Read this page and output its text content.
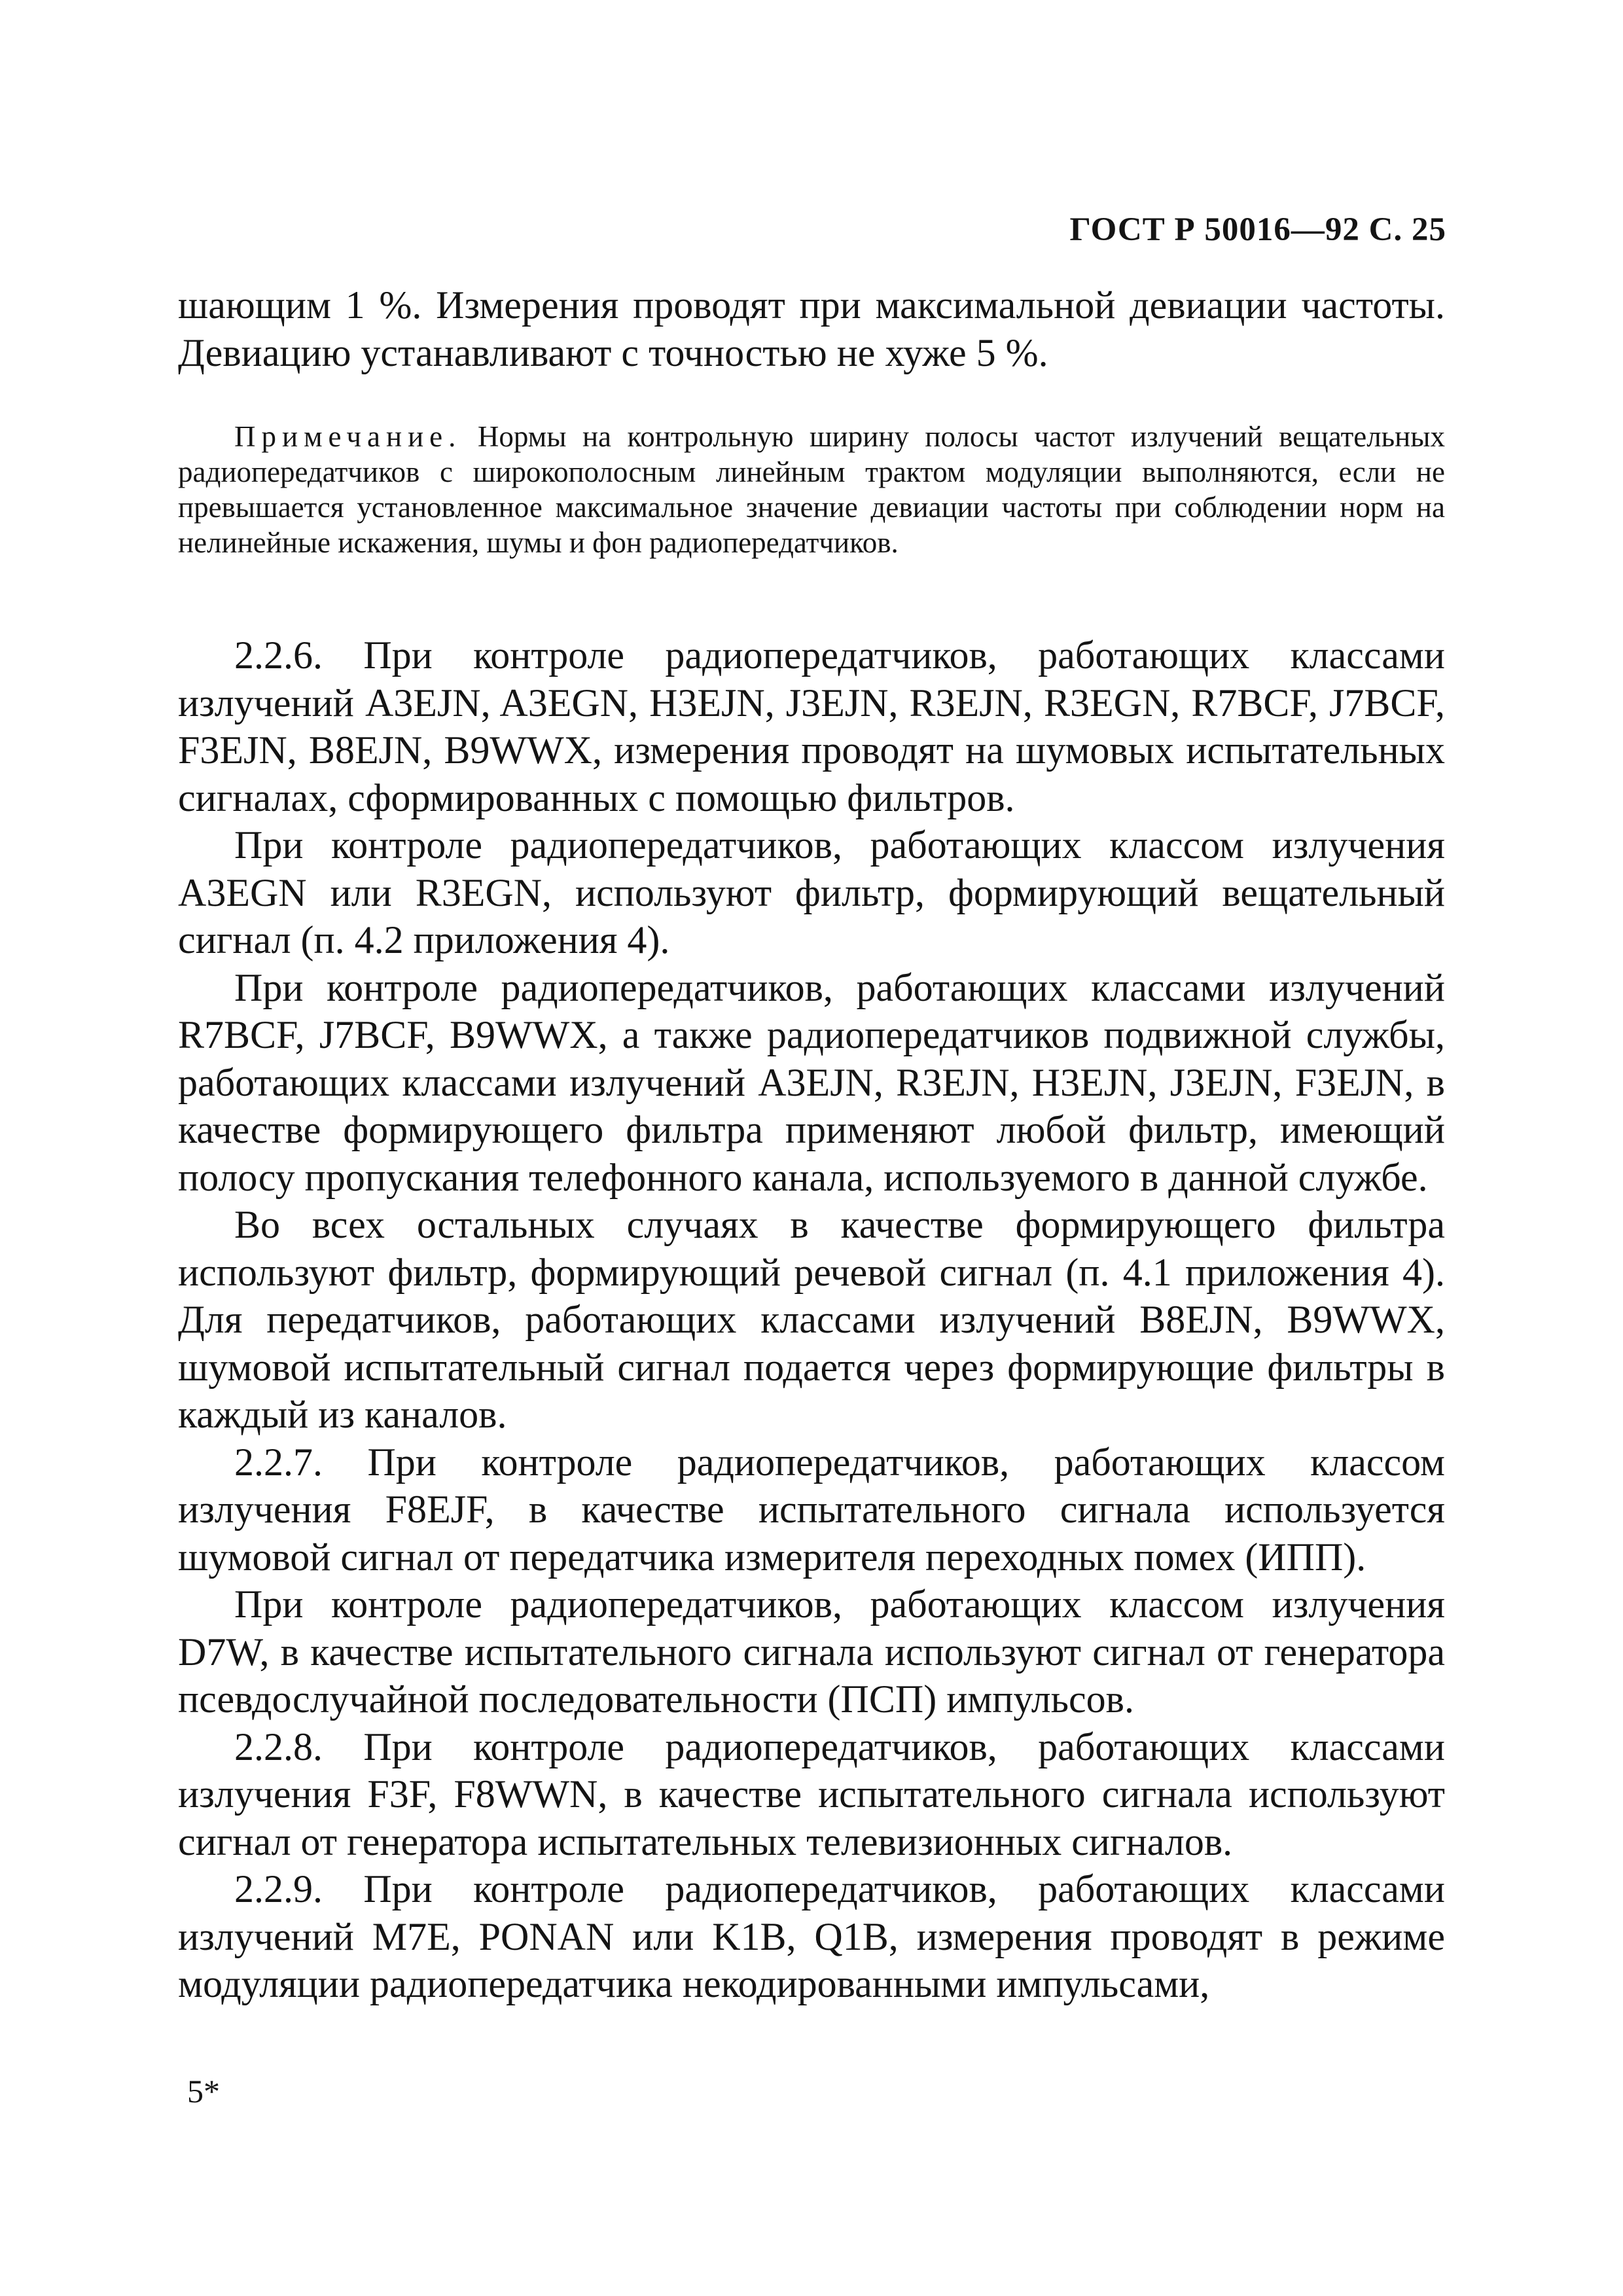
ГОСТ Р 50016—92 С. 25

шающим 1 %. Измерения проводят при максимальной девиации частоты. Девиацию устанавливают с точностью не хуже 5 %.

Примечание. Нормы на контрольную ширину полосы частот излучений вещательных радиопередатчиков с широкополосным линейным трактом модуляции выполняются, если не превышается установленное максимальное значение девиации частоты при соблюдении норм на нелинейные искажения, шумы и фон радиопередатчиков.

2.2.6. При контроле радиопередатчиков, работающих классами излучений A3EJN, A3EGN, H3EJN, J3EJN, R3EJN, R3EGN, R7BCF, J7BCF, F3EJN, B8EJN, B9WWX, измерения проводят на шумовых испытательных сигналах, сформированных с помощью фильтров.

При контроле радиопередатчиков, работающих классом излучения A3EGN или R3EGN, используют фильтр, формирующий вещательный сигнал (п. 4.2 приложения 4).

При контроле радиопередатчиков, работающих классами излучений R7BCF, J7BCF, B9WWX, а также радиопередатчиков подвижной службы, работающих классами излучений A3EJN, R3EJN, H3EJN, J3EJN, F3EJN, в качестве формирующего фильтра применяют любой фильтр, имеющий полосу пропускания телефонного канала, используемого в данной службе.

Во всех остальных случаях в качестве формирующего фильтра используют фильтр, формирующий речевой сигнал (п. 4.1 приложения 4). Для передатчиков, работающих классами излучений B8EJN, B9WWX, шумовой испытательный сигнал подается через формирующие фильтры в каждый из каналов.

2.2.7. При контроле радиопередатчиков, работающих классом излучения F8EJF, в качестве испытательного сигнала используется шумовой сигнал от передатчика измерителя переходных помех (ИПП).

При контроле радиопередатчиков, работающих классом излучения D7W, в качестве испытательного сигнала используют сигнал от генератора псевдослучайной последовательности (ПСП) импульсов.

2.2.8. При контроле радиопередатчиков, работающих классами излучения F3F, F8WWN, в качестве испытательного сигнала используют сигнал от генератора испытательных телевизионных сигналов.

2.2.9. При контроле радиопередатчиков, работающих классами излучений M7E, PONAN или K1B, Q1B, измерения проводят в режиме модуляции радиопередатчика некодированными импульсами,

5*
